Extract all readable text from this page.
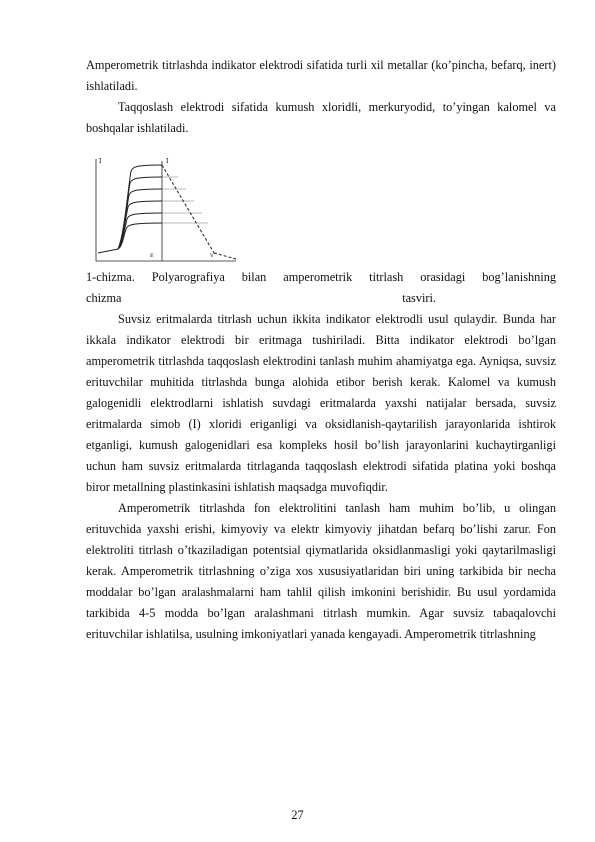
Amperometrik titrlashda indikator elektrodi sifatida turli xil metallar (ko’pincha, befarq, inert) ishlatiladi.

Taqqoslash elektrodi sifatida kumush xloridli, merkuryodid, to’yingan kalomel va boshqalar ishlatiladi.

I	I
E	V

1-chizma. Polyarografiya bilan amperometrik titrlash orasidagi bog’lanishning

chizma	tasviri.

Suvsiz eritmalarda titrlash uchun ikkita indikator elektrodli usul qulaydir. Bunda har ikkala indikator elektrodi bir eritmaga tushiriladi. Bitta indikator elektrodi bo’lgan amperometrik titrlashda taqqoslash elektrodini tanlash muhim ahamiyatga ega. Ayniqsa, suvsiz erituvchilar muhitida titrlashda bunga alohida etibor berish kerak. Kalomel va kumush galogenidli elektrodlarni ishlatish suvdagi eritmalarda yaxshi natijalar bersada, suvsiz eritmalarda simob (I) xloridi eriganligi va oksidlanish-qaytarilish jarayonlarida ishtirok etganligi, kumush galogenidlari esa kompleks hosil bo’lish jarayonlarini kuchaytirganligi uchun ham suvsiz eritmalarda titrlaganda taqqoslash elektrodi sifatida platina yoki boshqa biror metallning plastinkasini ishlatish maqsadga muvofiqdir.

Amperometrik titrlashda fon elektrolitini tanlash ham muhim bo’lib, u olingan erituvchida yaxshi erishi, kimyoviy va elektr kimyoviy jihatdan befarq bo’lishi zarur. Fon elektroliti titrlash o’tkaziladigan potentsial qiymatlarida oksidlanmasligi yoki qaytarilmasligi kerak. Amperometrik titrlashning o’ziga xos xususiyatlaridan biri uning tarkibida bir necha moddalar bo’lgan aralashmalarni ham tahlil qilish imkonini berishidir. Bu usul yordamida tarkibida 4-5 modda bo’lgan aralashmani titrlash mumkin. Agar suvsiz tabaqalovchi erituvchilar ishlatilsa, usulning imkoniyatlari yanada kengayadi. Amperometrik titrlashning

27
